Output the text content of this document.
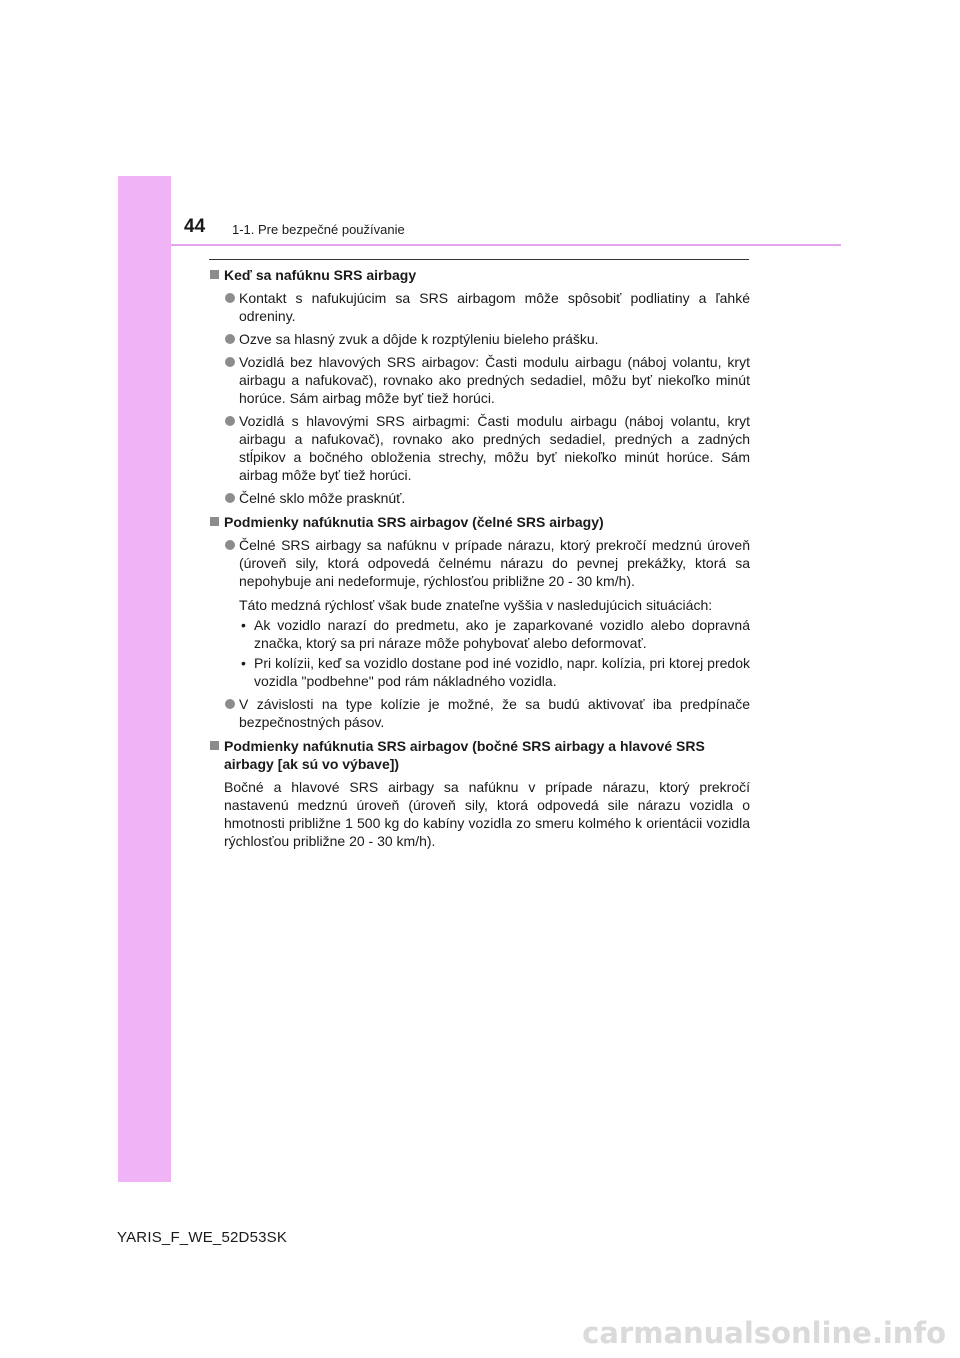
44 1-1. Pre bezpečné používanie

Keď sa nafúknu SRS airbagy

Kontakt s nafukujúcim sa SRS airbagom môže spôsobiť podliatiny a ľahké odreniny.
Ozve sa hlasný zvuk a dôjde k rozptýleniu bieleho prášku.
Vozidlá bez hlavových SRS airbagov: Časti modulu airbagu (náboj volantu, kryt airbagu a nafukovač), rovnako ako predných sedadiel, môžu byť niekoľko minút horúce. Sám airbag môže byť tiež horúci.
Vozidlá s hlavovými SRS airbagmi: Časti modulu airbagu (náboj volantu, kryt airbagu a nafukovač), rovnako ako predných sedadiel, predných a zadných stĺpikov a bočného obloženia strechy, môžu byť niekoľko minút horúce. Sám airbag môže byť tiež horúci.
Čelné sklo môže prasknúť.

Podmienky nafúknutia SRS airbagov (čelné SRS airbagy)

Čelné SRS airbagy sa nafúknu v prípade nárazu, ktorý prekročí medznú úroveň (úroveň sily, ktorá odpovedá čelnému nárazu do pevnej prekážky, ktorá sa nepohybuje ani nedeformuje, rýchlosťou približne 20 - 30 km/h).
Táto medzná rýchlosť však bude znateľne vyššia v nasledujúcich situáciách:
• Ak vozidlo narazí do predmetu, ako je zaparkované vozidlo alebo dopravná značka, ktorý sa pri náraze môže pohybovať alebo deformovať.
• Pri kolízii, keď sa vozidlo dostane pod iné vozidlo, napr. kolízia, pri ktorej predok vozidla "podbehne" pod rám nákladného vozidla.
V závislosti na type kolízie je možné, že sa budú aktivovať iba predpínače bezpečnostných pásov.

Podmienky nafúknutia SRS airbagov (bočné SRS airbagy a hlavové SRS airbagy [ak sú vo výbave])

Bočné a hlavové SRS airbagy sa nafúknu v prípade nárazu, ktorý prekročí nastavenú medznú úroveň (úroveň sily, ktorá odpovedá sile nárazu vozidla o hmotnosti približne 1 500 kg do kabíny vozidla zo smeru kolmého k orientácii vozidla rýchlosťou približne 20 - 30 km/h).
YARIS_F_WE_52D53SK
carmanualsonline.info
